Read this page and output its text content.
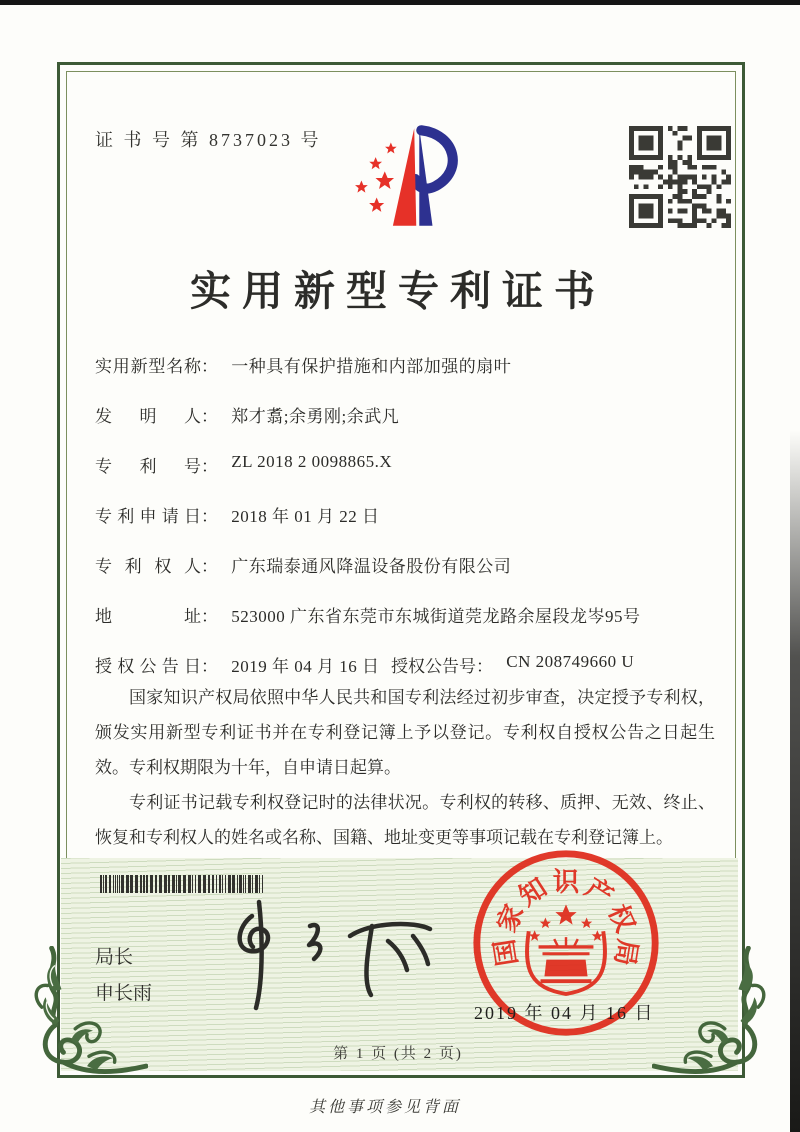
证 书 号 第 8737023 号
实用新型专利证书
实用新型名称： 一种具有保护措施和内部加强的扇叶
发明人： 郑才翥;余勇刚;余武凡
专利号： ZL 2018 2 0098865.X
专利申请日： 2018 年 01 月 22 日
专利权人： 广东瑞泰通风降温设备股份有限公司
地址： 523000 广东省东莞市东城街道莞龙路余屋段龙岑95号
授权公告日： 2019 年 04 月 16 日 授权公告号： CN 208749660 U

国家知识产权局依照中华人民共和国专利法经过初步审查，决定授予专利权，颁发实用新型专利证书并在专利登记簿上予以登记。专利权自授权公告之日起生效。专利权期限为十年，自申请日起算。

专利证书记载专利权登记时的法律状况。专利权的转移、质押、无效、终止、恢复和专利权人的姓名或名称、国籍、地址变更等事项记载在专利登记簿上。

局长
申长雨
国
家
知 识 产
权
局
2019 年 04 月 16 日
第 1 页 (共 2 页)
其他事项参见背面
